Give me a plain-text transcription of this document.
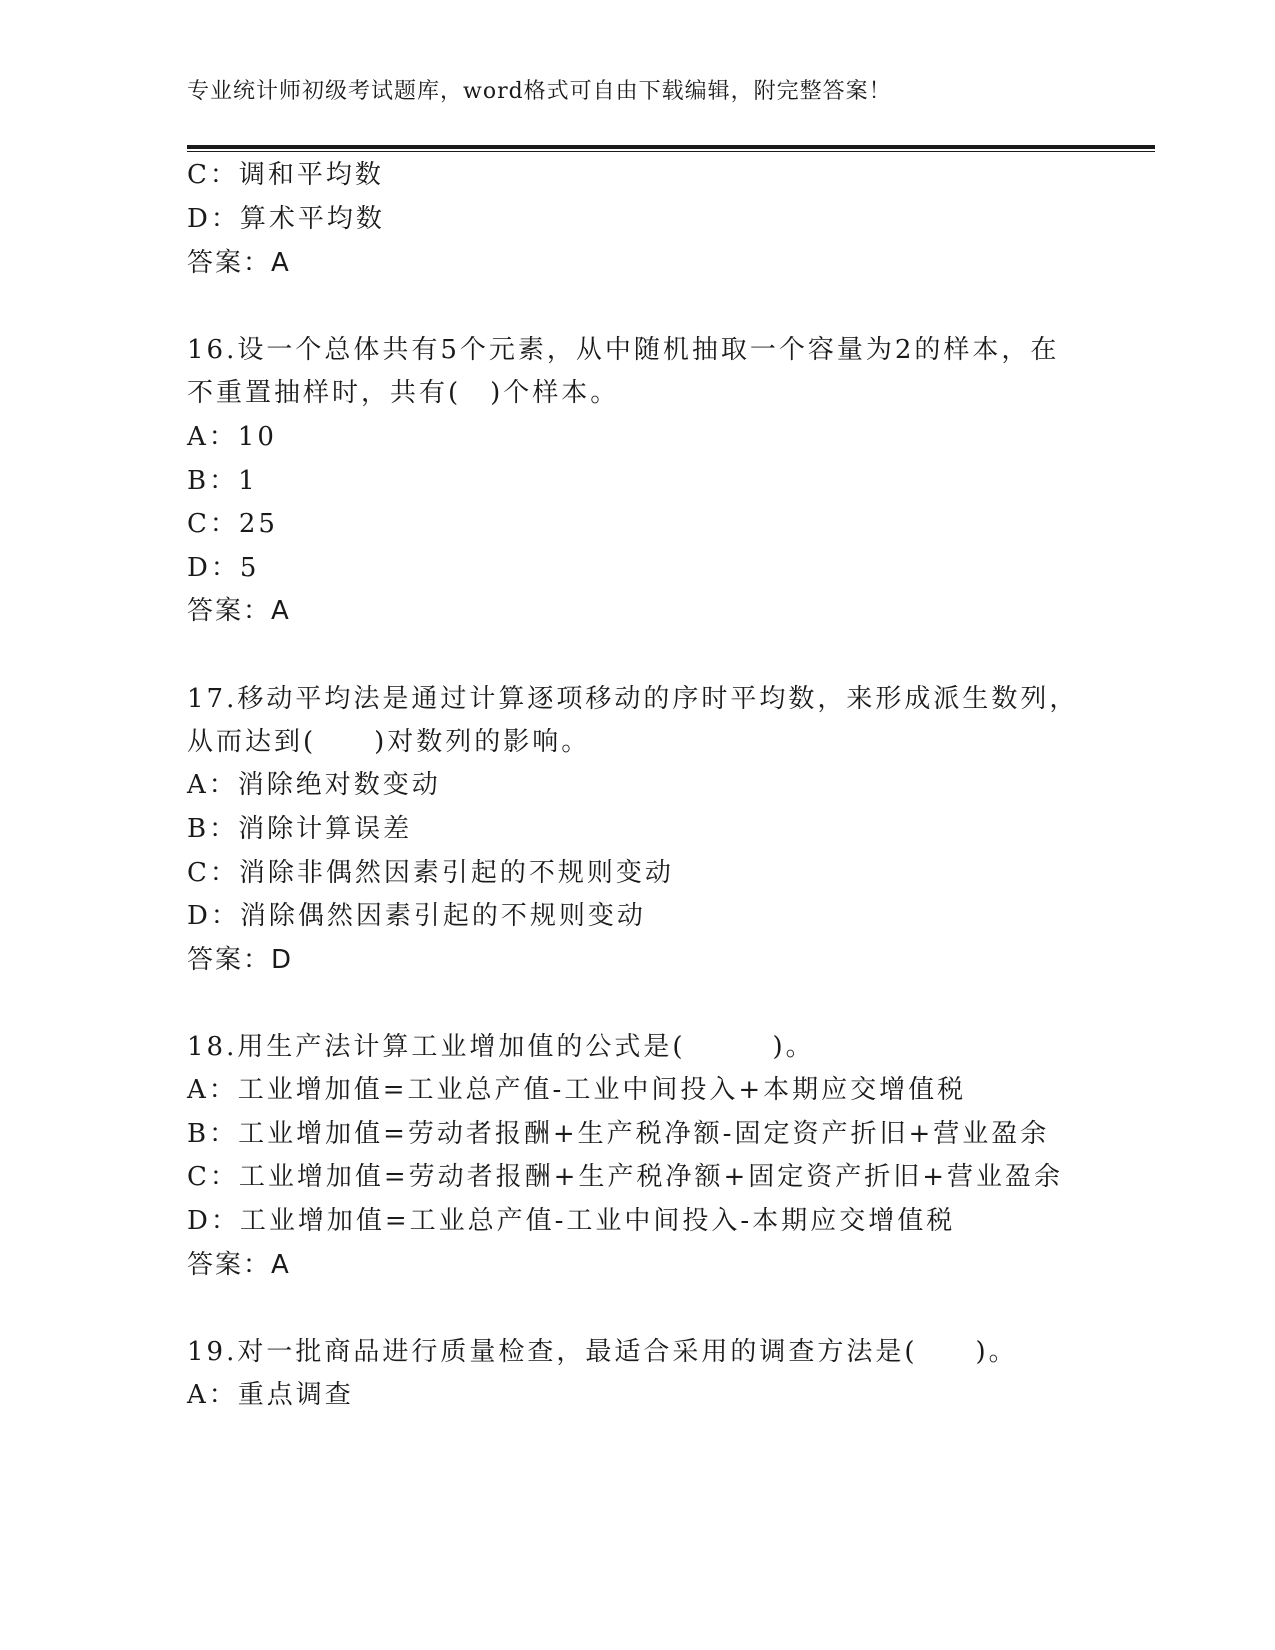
专业统计师初级考试题库，word格式可自由下载编辑，附完整答案！
C：调和平均数
D：算术平均数
答案：A
16.设一个总体共有5个元素，从中随机抽取一个容量为2的样本，在
不重置抽样时，共有(　)个样本。
A：10
B：1
C：25
D：5
答案：A
17.移动平均法是通过计算逐项移动的序时平均数，来形成派生数列，
从而达到(　　)对数列的影响。
A：消除绝对数变动
B：消除计算误差
C：消除非偶然因素引起的不规则变动
D：消除偶然因素引起的不规则变动
答案：D
18.用生产法计算工业增加值的公式是(　　　)。
A：工业增加值=工业总产值-工业中间投入+本期应交增值税
B：工业增加值=劳动者报酬+生产税净额-固定资产折旧+营业盈余
C：工业增加值=劳动者报酬+生产税净额+固定资产折旧+营业盈余
D：工业增加值=工业总产值-工业中间投入-本期应交增值税
答案：A
19.对一批商品进行质量检查，最适合采用的调查方法是(　　)。
A：重点调查
